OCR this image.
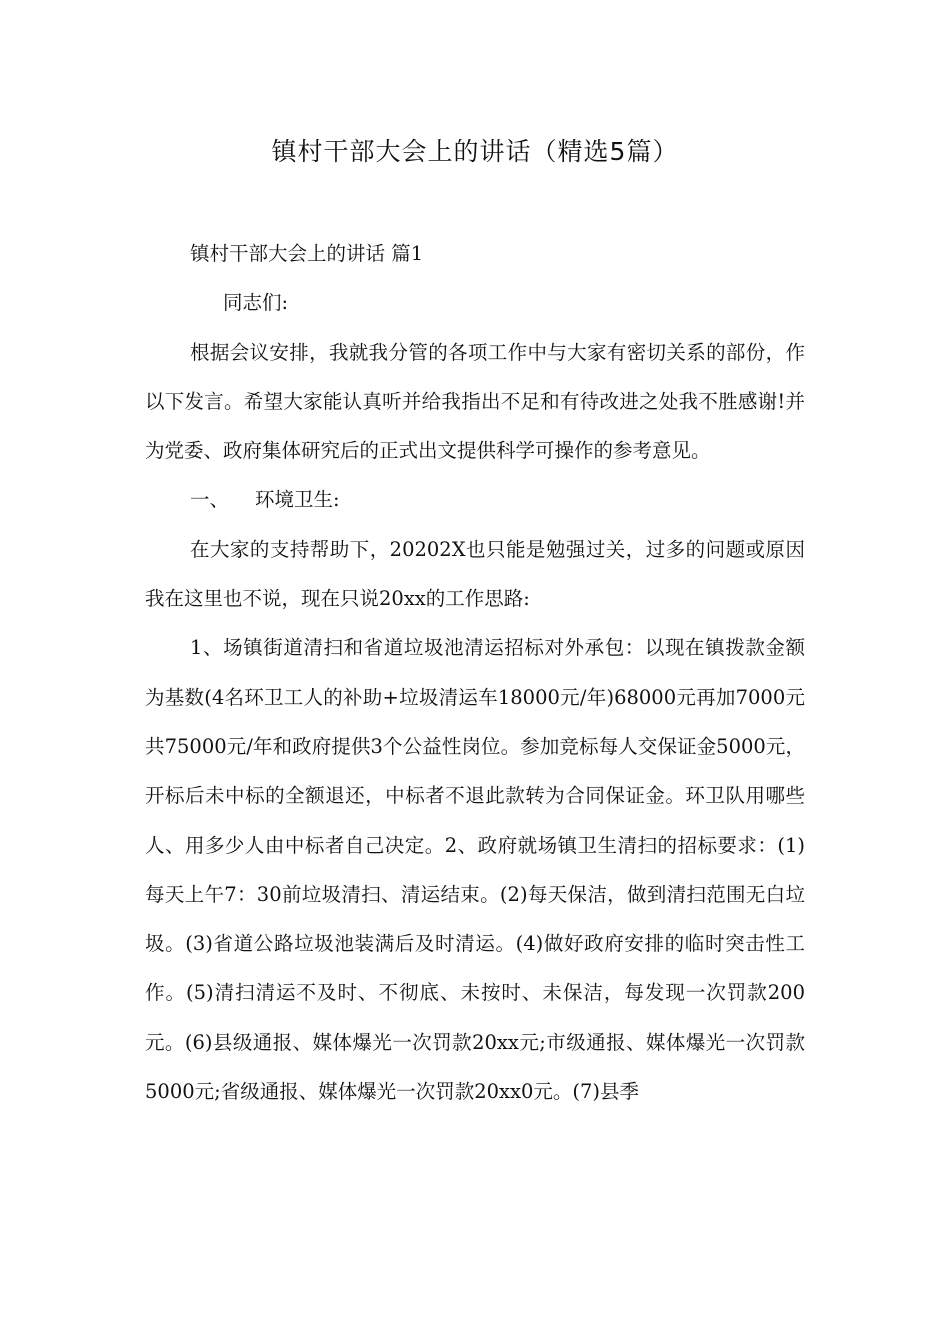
镇村干部大会上的讲话（精选5篇）

镇村干部大会上的讲话 篇1

同志们:

根据会议安排，我就我分管的各项工作中与大家有密切关系的部份，作以下发言。希望大家能认真听并给我指出不足和有待改进之处我不胜感谢!并为党委、政府集体研究后的正式出文提供科学可操作的参考意见。

一、 环境卫生:

在大家的支持帮助下，20202X也只能是勉强过关，过多的问题或原因我在这里也不说，现在只说20xx的工作思路:

1、场镇街道清扫和省道垃圾池清运招标对外承包：以现在镇拨款金额为基数(4名环卫工人的补助+垃圾清运车18000元/年)68000元再加7000元共75000元/年和政府提供3个公益性岗位。参加竞标每人交保证金5000元，开标后未中标的全额退还，中标者不退此款转为合同保证金。环卫队用哪些人、用多少人由中标者自己决定。2、政府就场镇卫生清扫的招标要求：(1)每天上午7：30前垃圾清扫、清运结束。(2)每天保洁，做到清扫范围无白垃圾。(3)省道公路垃圾池装满后及时清运。(4)做好政府安排的临时突击性工作。(5)清扫清运不及时、不彻底、未按时、未保洁，每发现一次罚款200元。(6)县级通报、媒体爆光一次罚款20xx元;市级通报、媒体爆光一次罚款5000元;省级通报、媒体爆光一次罚款20xx0元。(7)县季
